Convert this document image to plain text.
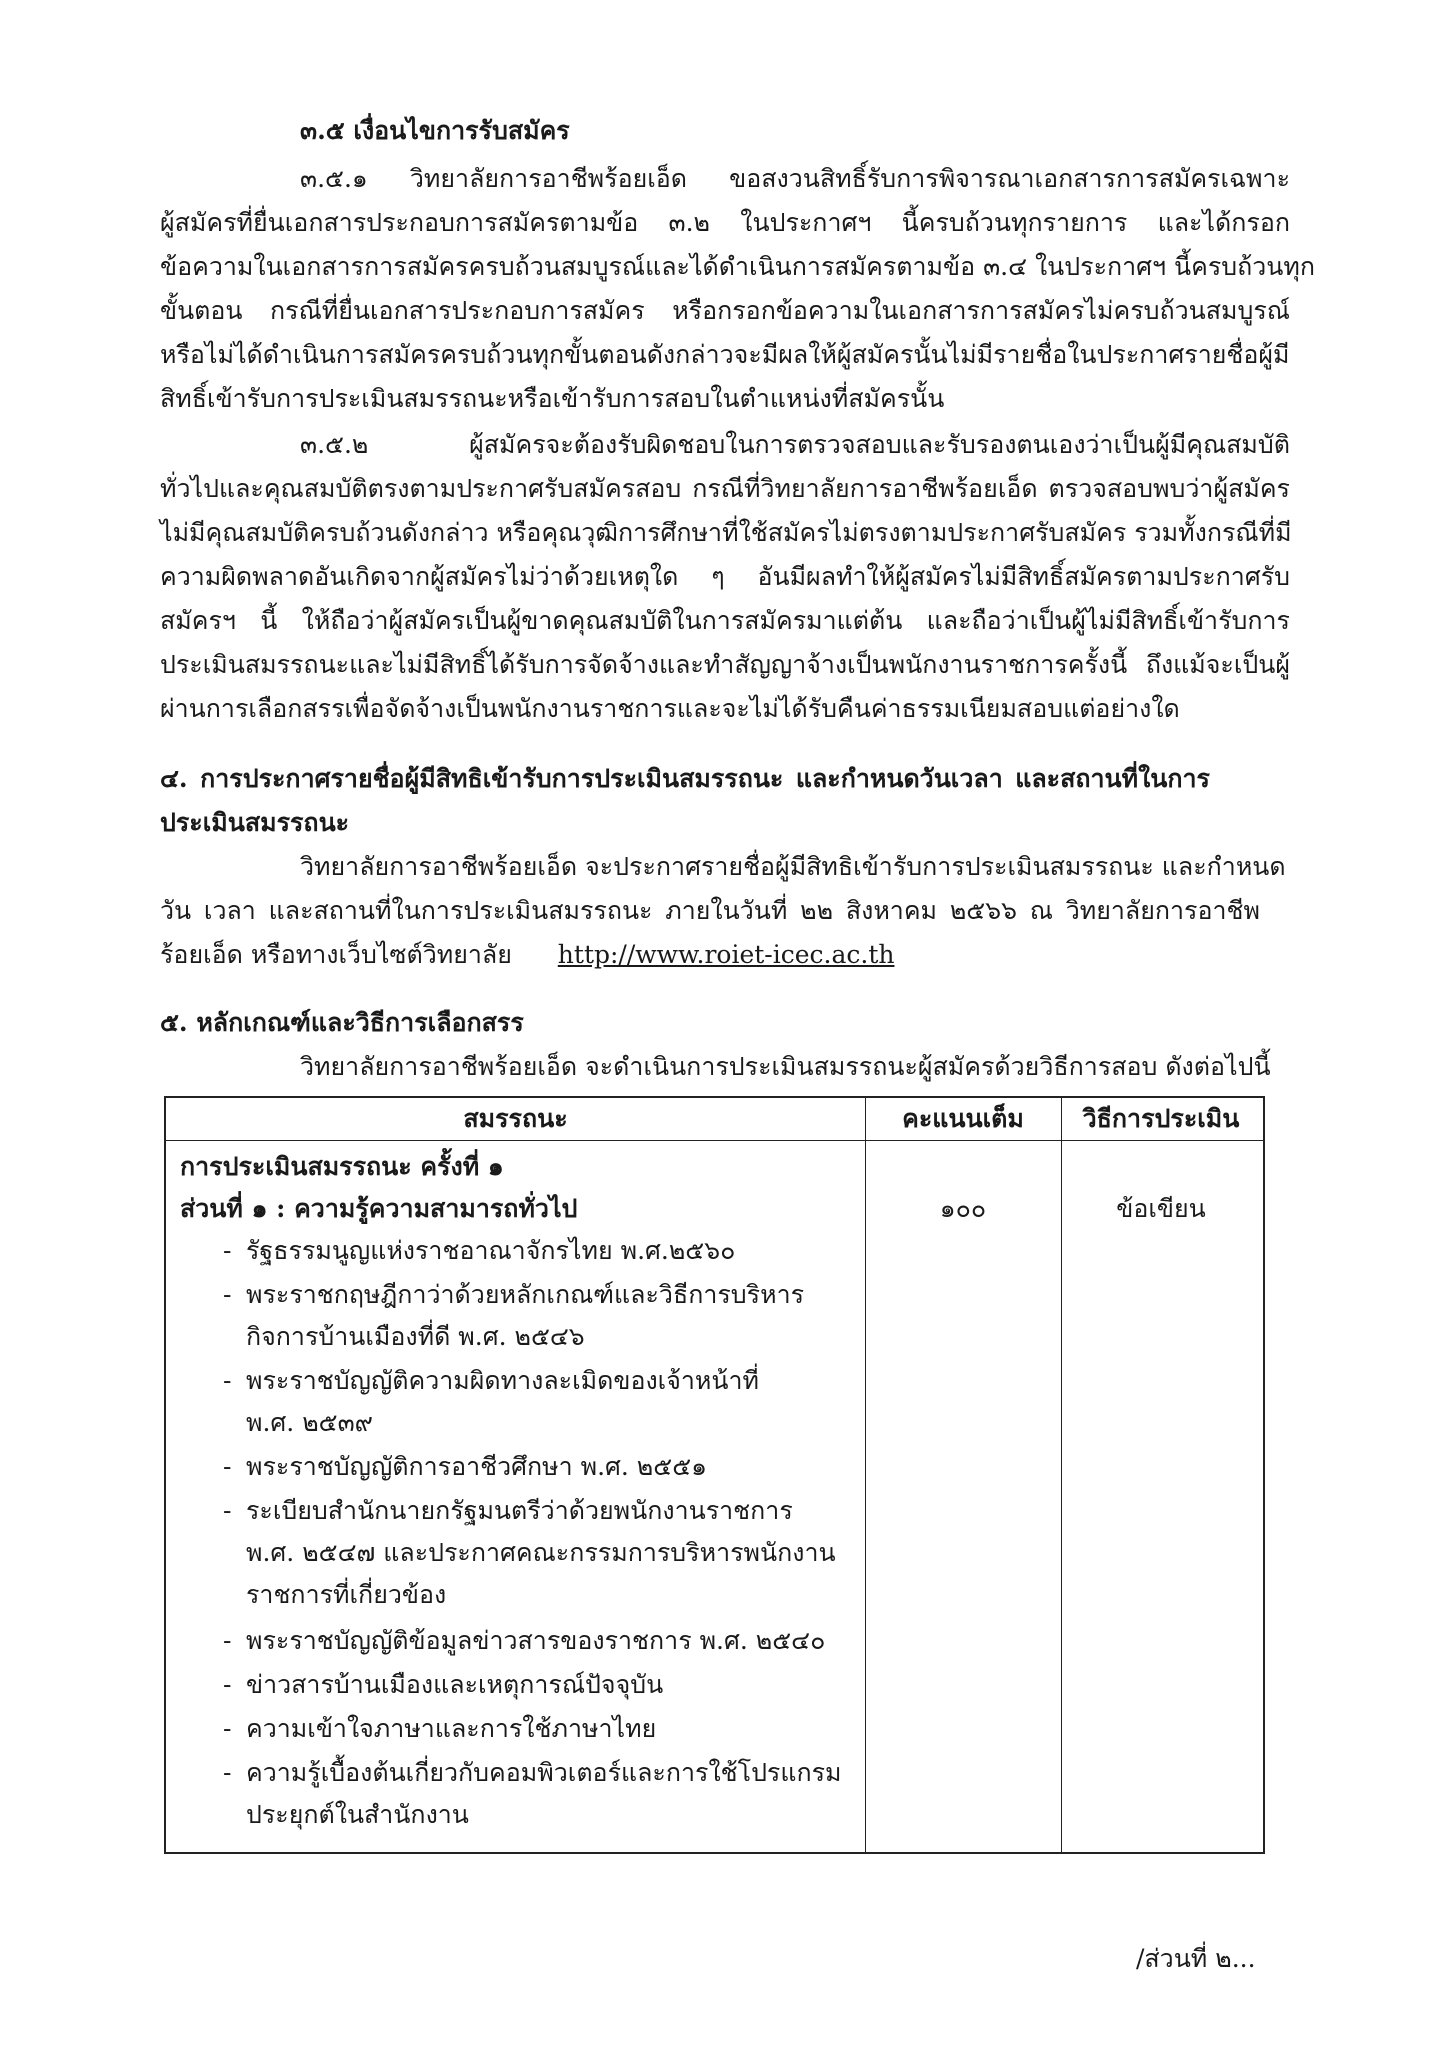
๓.๕ เงื่อนไขการรับสมัคร
๓.๕.๑ วิทยาลัยการอาชีพร้อยเอ็ด ขอสงวนสิทธิ์รับการพิจารณาเอกสารการสมัครเฉพาะ
ผู้สมัครที่ยื่นเอกสารประกอบการสมัครตามข้อ ๓.๒ ในประกาศฯ นี้ครบถ้วนทุกรายการ และได้กรอก
ข้อความในเอกสารการสมัครครบถ้วนสมบูรณ์และได้ดำเนินการสมัครตามข้อ ๓.๔ ในประกาศฯ นี้ครบถ้วนทุก
ขั้นตอน กรณีที่ยื่นเอกสารประกอบการสมัคร หรือกรอกข้อความในเอกสารการสมัครไม่ครบถ้วนสมบูรณ์
หรือไม่ได้ดำเนินการสมัครครบถ้วนทุกขั้นตอนดังกล่าวจะมีผลให้ผู้สมัครนั้นไม่มีรายชื่อในประกาศรายชื่อผู้มี
สิทธิ์เข้ารับการประเมินสมรรถนะหรือเข้ารับการสอบในตำแหน่งที่สมัครนั้น
๓.๕.๒ ผู้สมัครจะต้องรับผิดชอบในการตรวจสอบและรับรองตนเองว่าเป็นผู้มีคุณสมบัติ
ทั่วไปและคุณสมบัติตรงตามประกาศรับสมัครสอบ กรณีที่วิทยาลัยการอาชีพร้อยเอ็ด ตรวจสอบพบว่าผู้สมัคร
ไม่มีคุณสมบัติครบถ้วนดังกล่าว หรือคุณวุฒิการศึกษาที่ใช้สมัครไม่ตรงตามประกาศรับสมัคร รวมทั้งกรณีที่มี
ความผิดพลาดอันเกิดจากผู้สมัครไม่ว่าด้วยเหตุใด ๆ อันมีผลทำให้ผู้สมัครไม่มีสิทธิ์สมัครตามประกาศรับ
สมัครฯ นี้ ให้ถือว่าผู้สมัครเป็นผู้ขาดคุณสมบัติในการสมัครมาแต่ต้น และถือว่าเป็นผู้ไม่มีสิทธิ์เข้ารับการ
ประเมินสมรรถนะและไม่มีสิทธิ์ได้รับการจัดจ้างและทำสัญญาจ้างเป็นพนักงานราชการครั้งนี้ ถึงแม้จะเป็นผู้
ผ่านการเลือกสรรเพื่อจัดจ้างเป็นพนักงานราชการและจะไม่ได้รับคืนค่าธรรมเนียมสอบแต่อย่างใด
๔. การประกาศรายชื่อผู้มีสิทธิเข้ารับการประเมินสมรรถนะ และกำหนดวันเวลา และสถานที่ในการ
ประเมินสมรรถนะ
วิทยาลัยการอาชีพร้อยเอ็ด จะประกาศรายชื่อผู้มีสิทธิเข้ารับการประเมินสมรรถนะ และกำหนด
วัน เวลา และสถานที่ในการประเมินสมรรถนะ ภายในวันที่ ๒๒ สิงหาคม ๒๕๖๖ ณ วิทยาลัยการอาชีพ
ร้อยเอ็ด หรือทางเว็บไซต์วิทยาลัย http://www.roiet-icec.ac.th
๕. หลักเกณฑ์และวิธีการเลือกสรร
วิทยาลัยการอาชีพร้อยเอ็ด จะดำเนินการประเมินสมรรถนะผู้สมัครด้วยวิธีการสอบ ดังต่อไปนี้
สมรรถนะ	คะแนนเต็ม	วิธีการประเมิน
การประเมินสมรรถนะ ครั้งที่ ๑
ส่วนที่ ๑ : ความรู้ความสามารถทั่วไป	๑๐๐	ข้อเขียน
- รัฐธรรมนูญแห่งราชอาณาจักรไทย พ.ศ.๒๕๖๐
- พระราชกฤษฎีกาว่าด้วยหลักเกณฑ์และวิธีการบริหาร
กิจการบ้านเมืองที่ดี พ.ศ. ๒๕๔๖
- พระราชบัญญัติความผิดทางละเมิดของเจ้าหน้าที่
พ.ศ. ๒๕๓๙
- พระราชบัญญัติการอาชีวศึกษา พ.ศ. ๒๕๕๑
- ระเบียบสำนักนายกรัฐมนตรีว่าด้วยพนักงานราชการ
พ.ศ. ๒๕๔๗ และประกาศคณะกรรมการบริหารพนักงาน
ราชการที่เกี่ยวข้อง
- พระราชบัญญัติข้อมูลข่าวสารของราชการ พ.ศ. ๒๕๔๐
- ข่าวสารบ้านเมืองและเหตุการณ์ปัจจุบัน
- ความเข้าใจภาษาและการใช้ภาษาไทย
- ความรู้เบื้องต้นเกี่ยวกับคอมพิวเตอร์และการใช้โปรแกรม
ประยุกต์ในสำนักงาน
/ส่วนที่ ๒...
